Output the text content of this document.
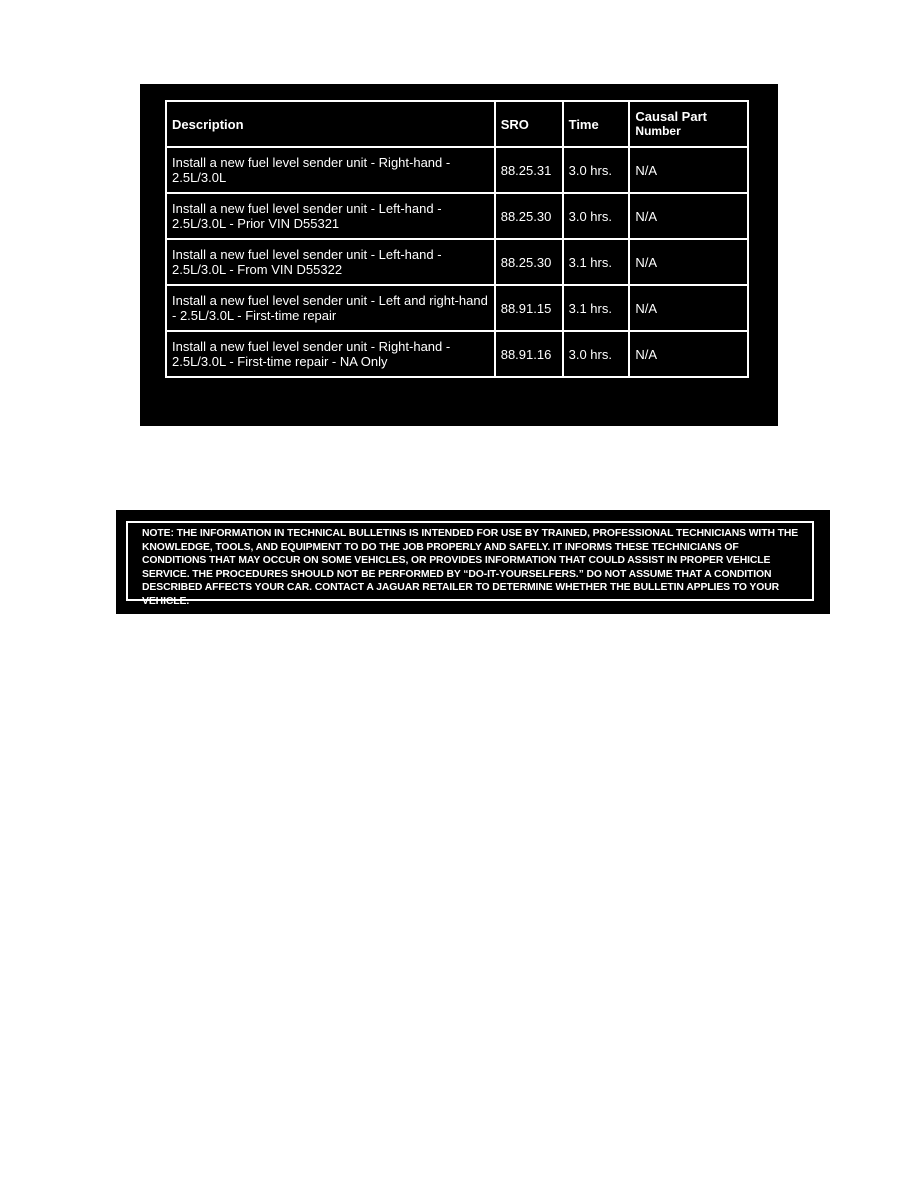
Description	SRO	Time	Causal Part
Number

Install a new fuel level sender unit - Right-hand - 2.5L/3.0L	88.25.31	3.0 hrs.	N/A
Install a new fuel level sender unit - Left-hand - 2.5L/3.0L - Prior VIN D55321	88.25.30	3.0 hrs.	N/A
Install a new fuel level sender unit - Left-hand - 2.5L/3.0L - From VIN D55322	88.25.30	3.1 hrs.	N/A
Install a new fuel level sender unit - Left and right-hand - 2.5L/3.0L - First-time repair	88.91.15	3.1 hrs.	N/A
Install a new fuel level sender unit - Right-hand - 2.5L/3.0L - First-time repair - NA Only	88.91.16	3.0 hrs.	N/A
NOTE: THE INFORMATION IN TECHNICAL BULLETINS IS INTENDED FOR USE BY TRAINED, PROFESSIONAL TECHNICIANS WITH THE KNOWLEDGE, TOOLS, AND EQUIPMENT TO DO THE JOB PROPERLY AND SAFELY. IT INFORMS THESE TECHNICIANS OF CONDITIONS THAT MAY OCCUR ON SOME VEHICLES, OR PROVIDES INFORMATION THAT COULD ASSIST IN PROPER VEHICLE SERVICE. THE PROCEDURES SHOULD NOT BE PERFORMED BY “DO-IT-YOURSELFERS.” DO NOT ASSUME THAT A CONDITION DESCRIBED AFFECTS YOUR CAR. CONTACT A JAGUAR RETAILER TO DETERMINE WHETHER THE BULLETIN APPLIES TO YOUR VEHICLE.
